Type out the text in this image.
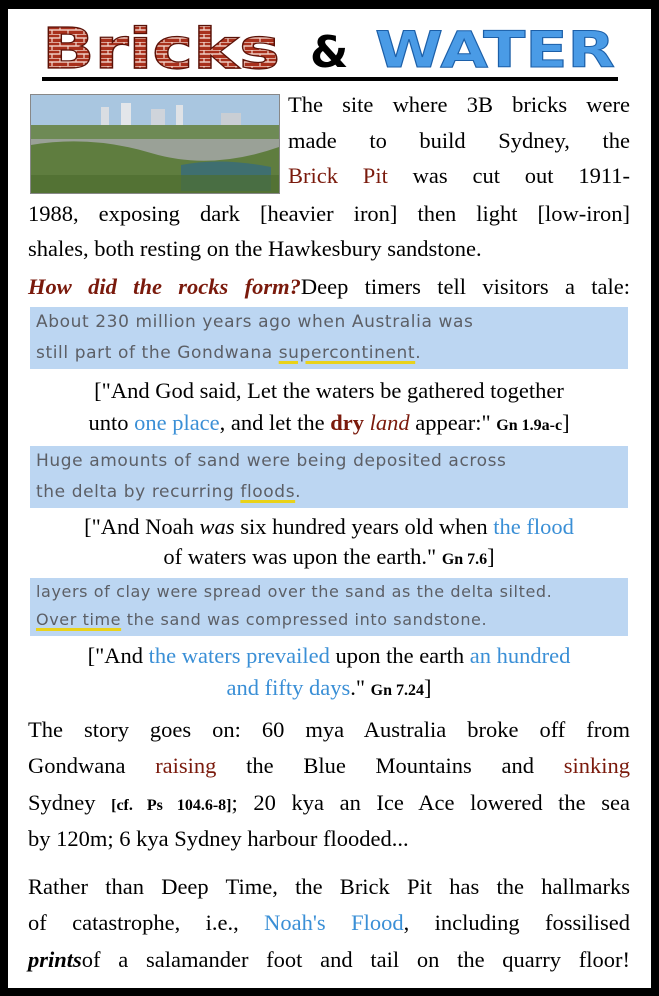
Bricks & WATER
The site where 3B bricks were
made to build Sydney, the
Brick Pit was cut out 1911-
1988, exposing dark [heavier iron] then light [low-iron]
shales, both resting on the Hawkesbury sandstone.
How did the rocks form?Deep timers tell visitors a tale:
About 230 million years ago when Australia was
still part of the Gondwana supercontinent.
["And God said, Let the waters be gathered together
unto one place, and let the dry land appear:" Gn 1.9a-c]
Huge amounts of sand were being deposited across
the delta by recurring floods.
["And Noah was six hundred years old when the flood
of waters was upon the earth." Gn 7.6]
layers of clay were spread over the sand as the delta silted.
Over time the sand was compressed into sandstone.
["And the waters prevailed upon the earth an hundred
and fifty days." Gn 7.24]
The story goes on: 60 mya Australia broke off from
Gondwana raising the Blue Mountains and sinking
Sydney [cf. Ps 104.6-8]; 20 kya an Ice Ace lowered the sea
by 120m; 6 kya Sydney harbour flooded...
Rather than Deep Time, the Brick Pit has the hallmarks
of catastrophe, i.e., Noah's Flood, including fossilised
printsof a salamander foot and tail on the quarry floor!
